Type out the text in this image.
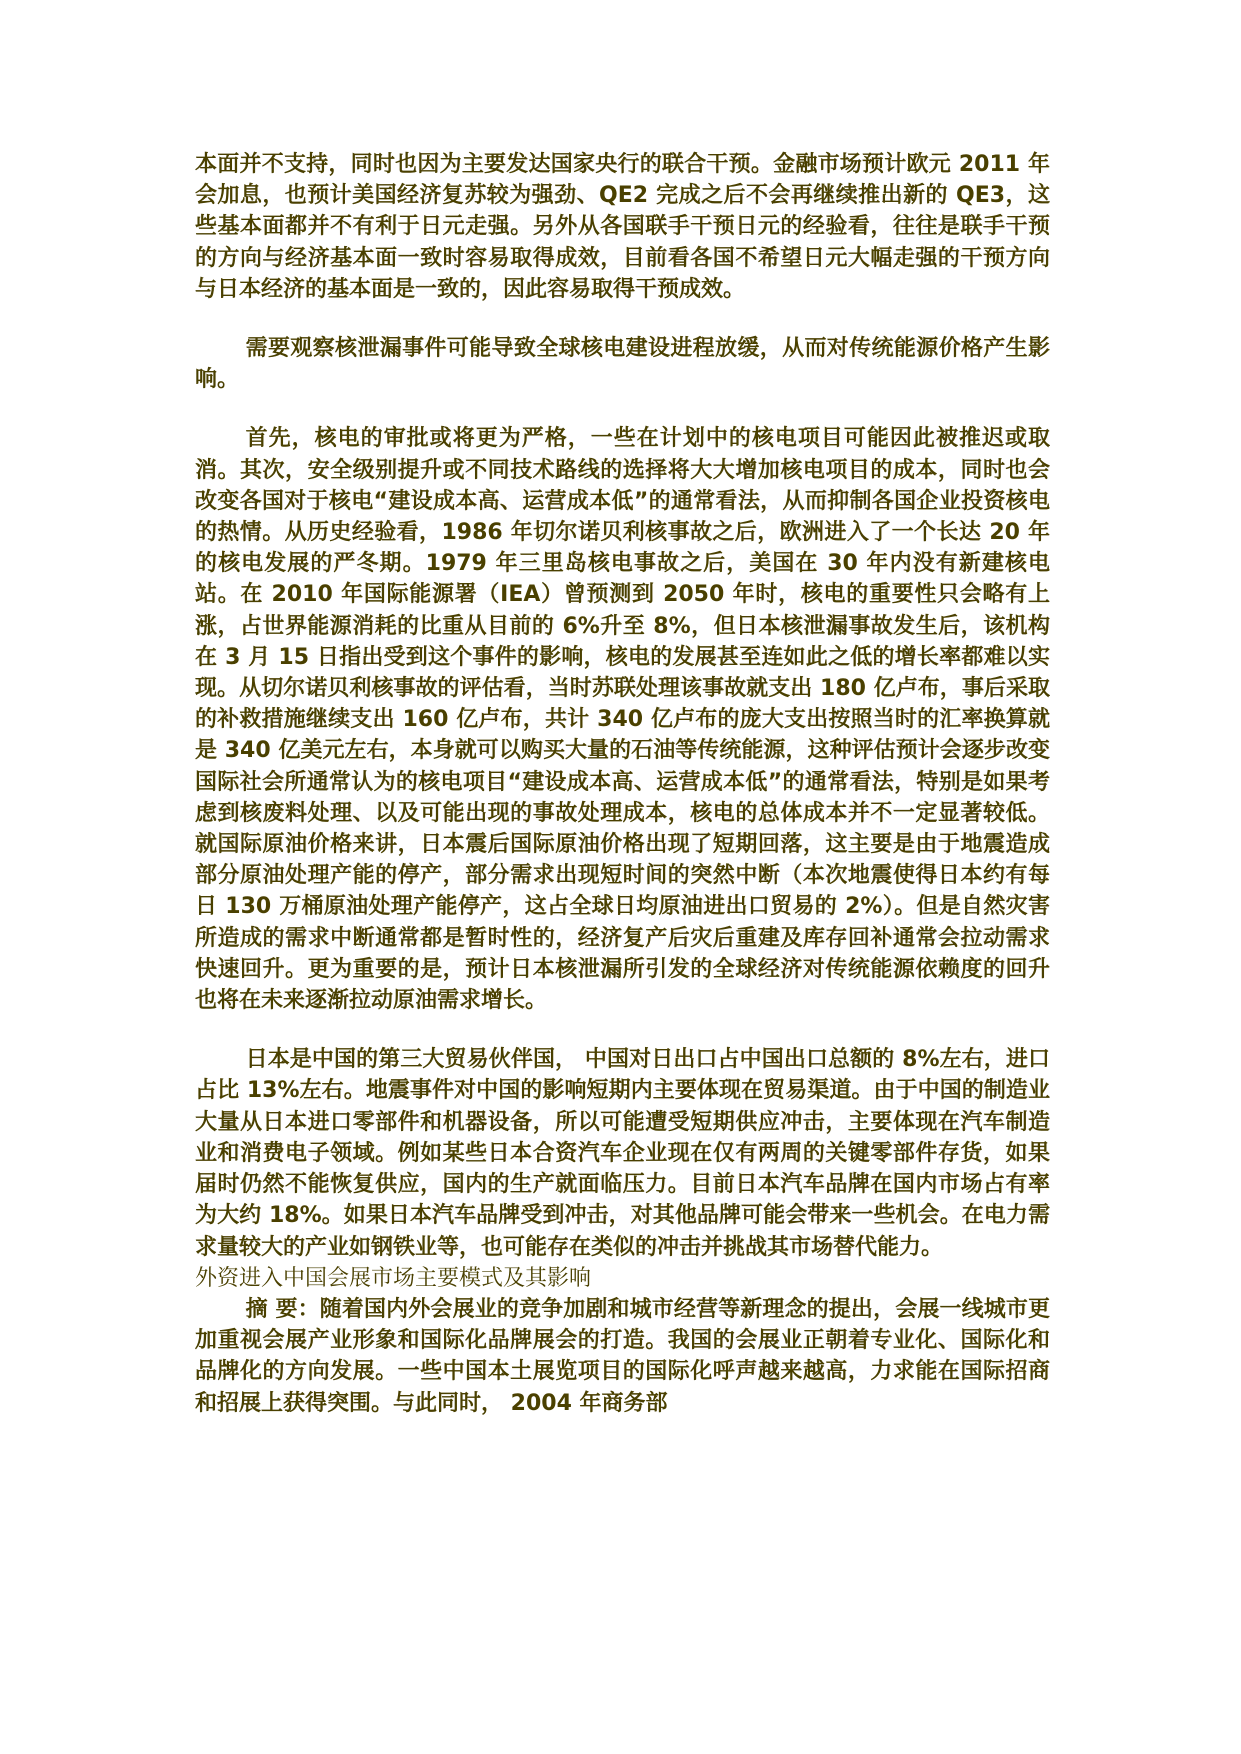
本面并不支持，同时也因为主要发达国家央行的联合干预。金融市场预计欧元 2011 年会加息，也预计美国经济复苏较为强劲、QE2 完成之后不会再继续推出新的 QE3，这些基本面都并不有利于日元走强。另外从各国联手干预日元的经验看，往往是联手干预的方向与经济基本面一致时容易取得成效，目前看各国不希望日元大幅走强的干预方向与日本经济的基本面是一致的，因此容易取得干预成效。

需要观察核泄漏事件可能导致全球核电建设进程放缓，从而对传统能源价格产生影响。

首先，核电的审批或将更为严格，一些在计划中的核电项目可能因此被推迟或取消。其次，安全级别提升或不同技术路线的选择将大大增加核电项目的成本，同时也会改变各国对于核电“建设成本高、运营成本低”的通常看法，从而抑制各国企业投资核电的热情。从历史经验看，1986 年切尔诺贝利核事故之后，欧洲进入了一个长达 20 年的核电发展的严冬期。1979 年三里岛核电事故之后，美国在 30 年内没有新建核电站。在 2010 年国际能源署（IEA）曾预测到 2050 年时，核电的重要性只会略有上涨，占世界能源消耗的比重从目前的 6%升至 8%，但日本核泄漏事故发生后，该机构在 3 月 15 日指出受到这个事件的影响，核电的发展甚至连如此之低的增长率都难以实现。从切尔诺贝利核事故的评估看，当时苏联处理该事故就支出 180 亿卢布，事后采取的补救措施继续支出 160 亿卢布，共计 340 亿卢布的庞大支出按照当时的汇率换算就是 340 亿美元左右，本身就可以购买大量的石油等传统能源，这种评估预计会逐步改变国际社会所通常认为的核电项目“建设成本高、运营成本低”的通常看法，特别是如果考虑到核废料处理、以及可能出现的事故处理成本，核电的总体成本并不一定显著较低。就国际原油价格来讲，日本震后国际原油价格出现了短期回落，这主要是由于地震造成部分原油处理产能的停产，部分需求出现短时间的突然中断（本次地震使得日本约有每日 130 万桶原油处理产能停产，这占全球日均原油进出口贸易的 2%）。但是自然灾害所造成的需求中断通常都是暂时性的，经济复产后灾后重建及库存回补通常会拉动需求快速回升。更为重要的是，预计日本核泄漏所引发的全球经济对传统能源依赖度的回升也将在未来逐渐拉动原油需求增长。

日本是中国的第三大贸易伙伴国， 中国对日出口占中国出口总额的 8%左右，进口占比 13%左右。地震事件对中国的影响短期内主要体现在贸易渠道。由于中国的制造业大量从日本进口零部件和机器设备，所以可能遭受短期供应冲击，主要体现在汽车制造业和消费电子领域。例如某些日本合资汽车企业现在仅有两周的关键零部件存货，如果届时仍然不能恢复供应，国内的生产就面临压力。目前日本汽车品牌在国内市场占有率为大约 18%。如果日本汽车品牌受到冲击，对其他品牌可能会带来一些机会。在电力需求量较大的产业如钢铁业等，也可能存在类似的冲击并挑战其市场替代能力。

外资进入中国会展市场主要模式及其影响

摘 要：随着国内外会展业的竞争加剧和城市经营等新理念的提出，会展一线城市更加重视会展产业形象和国际化品牌展会的打造。我国的会展业正朝着专业化、国际化和品牌化的方向发展。一些中国本土展览项目的国际化呼声越来越高，力求能在国际招商和招展上获得突围。与此同时， 2004 年商务部
